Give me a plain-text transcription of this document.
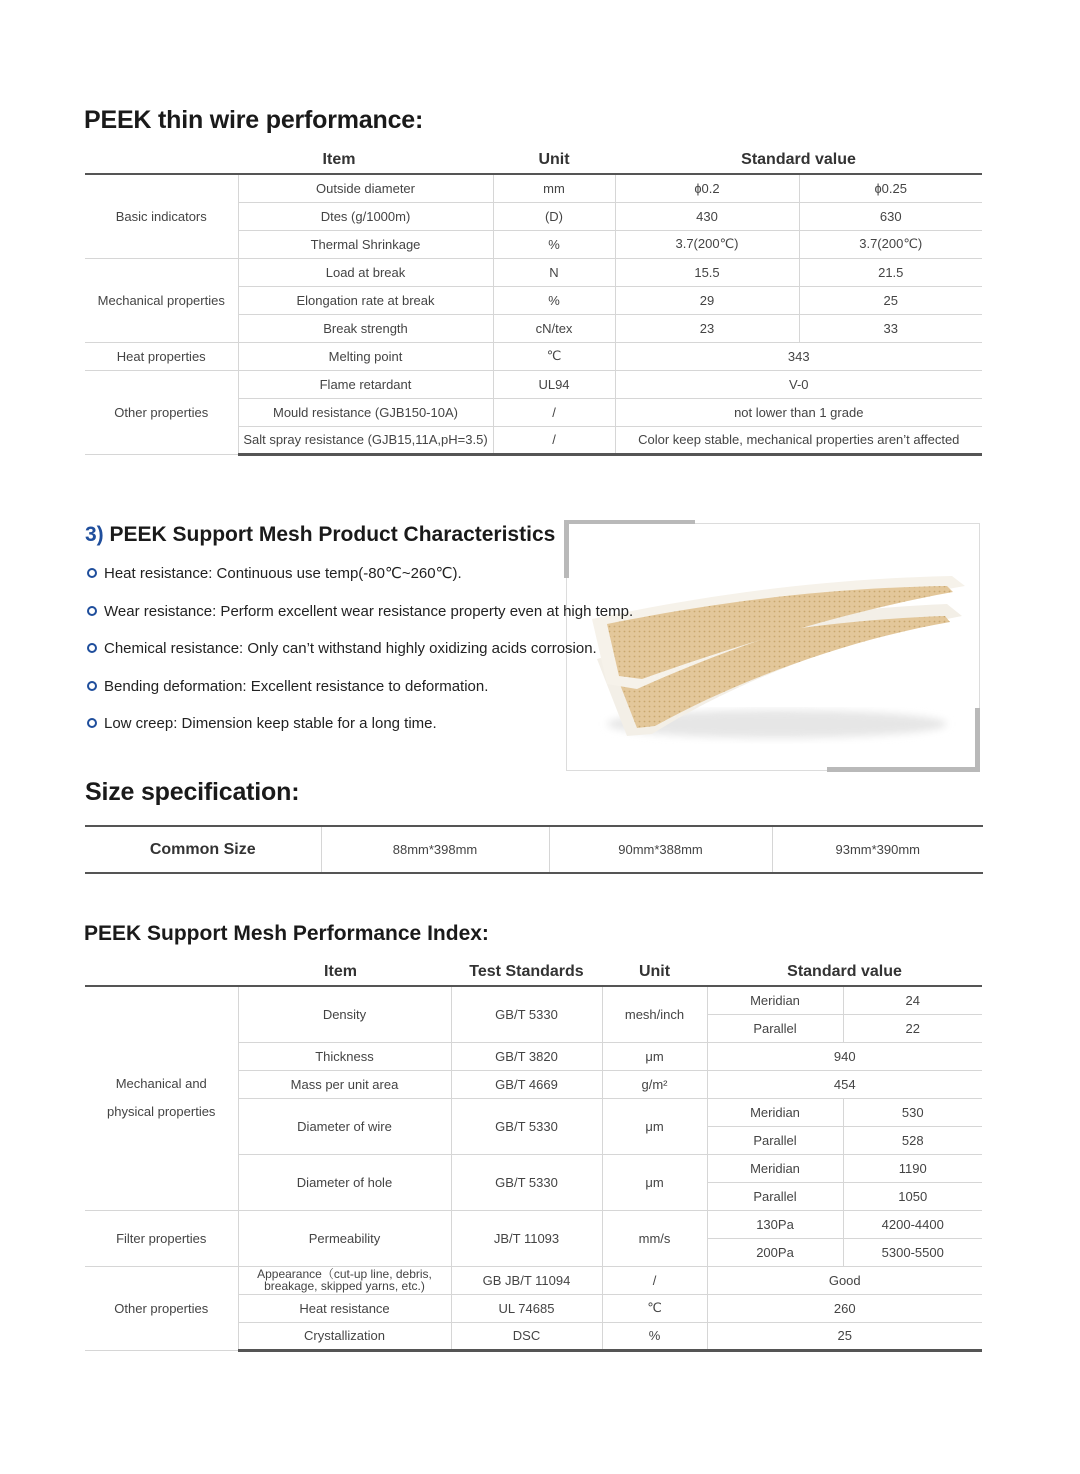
PEEK thin wire performance:
Item		Unit	Standard value	
Basic indicators	Outside diameter	mm	ɸ0.2	ɸ0.25
	Dtes (g/1000m)	(D)	430	630
	Thermal Shrinkage	%	3.7(200℃)	3.7(200℃)
Mechanical properties	Load at break	N	15.5	21.5
	Elongation rate at break	%	29	25
	Break strength	cN/tex	23	33
Heat properties	Melting point	℃	343	
Other properties	Flame retardant	UL94	V-0	
	Mould resistance (GJB150-10A)	/	not lower than 1 grade	
	Salt spray resistance (GJB15,11A,pH=3.5)	/	Color keep stable, mechanical properties aren’t affected	
3) PEEK Support Mesh Product Characteristics
Heat resistance: Continuous use temp(-80℃~260℃).
Wear resistance: Perform excellent wear resistance property even at high temp.
Chemical resistance: Only can’t withstand highly oxidizing acids corrosion.
Bending deformation: Excellent resistance to deformation.
Low creep: Dimension keep stable for a long time.
Size specification:
Common Size	88mm*398mm	90mm*388mm	93mm*390mm
PEEK Support Mesh Performance Index:
Item		Test Standards	Unit	Standard value	

Mechanical and
physical properties	Density	GB/T 5330	mesh/inch	Meridian	24
				Parallel	22
	Thickness	GB/T 3820	μm	940	
	Mass per unit area	GB/T 4669	g/m²	454	
	Diameter of wire	GB/T 5330	μm	Meridian	530
				Parallel	528
	Diameter of hole	GB/T 5330	μm	Meridian	1190
				Parallel	1050
Filter properties	Permeability	JB/T 11093	mm/s	130Pa	4200-4400
				200Pa	5300-5500
Other properties	Appearance（cut-up line, debris,
breakage, skipped yarns, etc.)	GB JB/T 11094	/	Good	
	Heat resistance	UL 74685	℃	260	
	Crystallization	DSC	%	25	
